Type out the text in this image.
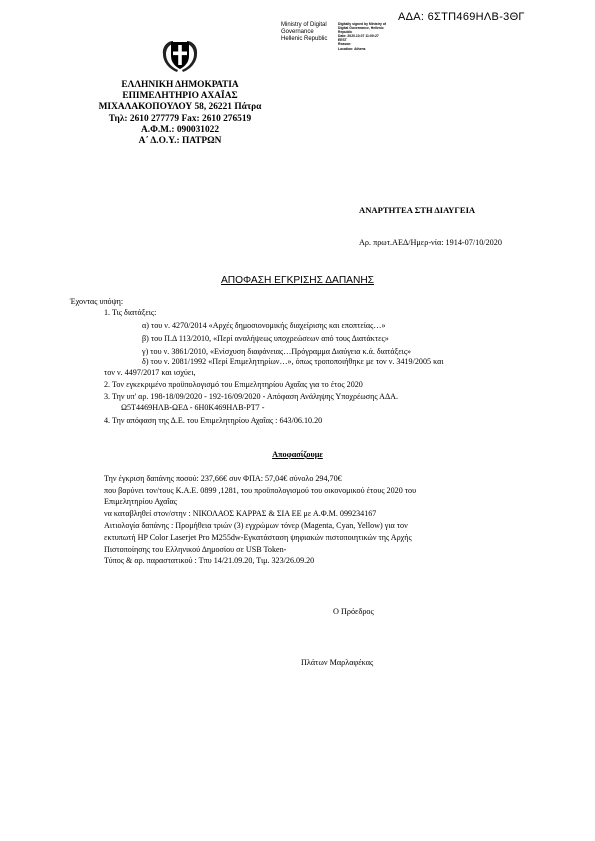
ΑΔΑ: 6ΣΤΠ469ΗΛΒ-3ΘΓ
Ministry of Digital
Governance
Hellenic Republic
Digitally signed by Ministry of
Digital Governance, Hellenic
Republic
Date: 2020.10.07 11:00:27
EEST
Reason:
Location: Athens
ΕΛΛΗΝΙΚΗ ΔΗΜΟΚΡΑΤΙΑ
ΕΠΙΜΕΛΗΤΗΡΙΟ ΑΧΑΪΑΣ
ΜΙΧΑΛΑΚΟΠΟΥΛΟΥ 58, 26221 Πάτρα
Τηλ: 2610 277779 Fax: 2610 276519
Α.Φ.Μ.: 090031022
Α΄ Δ.Ο.Υ.: ΠΑΤΡΩΝ
ΑΝΑΡΤΗΤΕΑ ΣΤΗ ΔΙΑΥΓΕΙΑ
Αρ. πρωτ.ΑΕΔ/Ημερ-νία: 1914-07/10/2020
ΑΠΟΦΑΣΗ ΕΓΚΡΙΣΗΣ ΔΑΠΑΝΗΣ
Έχοντας υπόψη:
1. Τις διατάξεις:
α) του ν. 4270/2014 «Αρχές δημοσιονομικής διαχείρισης και εποπτείας…»
β) του Π.Δ 113/2010, «Περί αναλήψεως υποχρεώσεων από τους Διατάκτες»
γ) του ν. 3861/2010, «Ενίσχυση διαφάνειας…Πρόγραμμα Διαύγεια κ.ά. διατάξεις»
δ) του ν. 2081/1992 «Περί Επιμελητηρίων…», όπως τροποποιήθηκε με τον ν. 3419/2005 και
τον ν. 4497/2017 και ισχύει,
2. Τον εγκεκριμένο προϋπολογισμό του Επιμελητηρίου Αχαΐας για το έτος 2020
3. Την υπ' αρ. 198-18/09/2020 - 192-16/09/2020 - Απόφαση Ανάληψης Υποχρέωσης ΑΔΑ.
Ω5Τ4469ΗΛΒ-ΩΕΔ - 6Η0Κ469ΗΛΒ-ΡΤ7 -
4. Την απόφαση της Δ.Ε. του Επιμελητηρίου Αχαΐας : 643/06.10.20
Αποφασίζουμε
Την έγκριση δαπάνης ποσού: 237,66€ συν ΦΠΑ: 57,04€ σύνολο 294,70€
που βαρύνει τον/τους Κ.Α.Ε. 0899 ,1281, του προϋπολογισμού του οικονομικού έτους 2020 του
Επιμελητηρίου Αχαΐας
να καταβληθεί στον/στην : ΝΙΚΟΛΑΟΣ ΚΑΡΡΑΣ & ΣΙΑ ΕΕ με Α.Φ.Μ. 099234167
Αιτιολογία δαπάνης : Προμήθεια τριών (3) εγχρώμων τόνερ (Magenta, Cyan, Yellow) για τον
εκτυπωτή HP Color Laserjet Pro M255dw-Εγκατάσταση ψηφιακών πιστοποιητικών της Αρχής
Πιστοποίησης του Ελληνικού Δημοσίου σε USB Token-
Τύπος & αρ. παραστατικού : Τπυ 14/21.09.20, Τιμ. 323/26.09.20
Ο Πρόεδρος
Πλάτων Μαρλαφέκας
